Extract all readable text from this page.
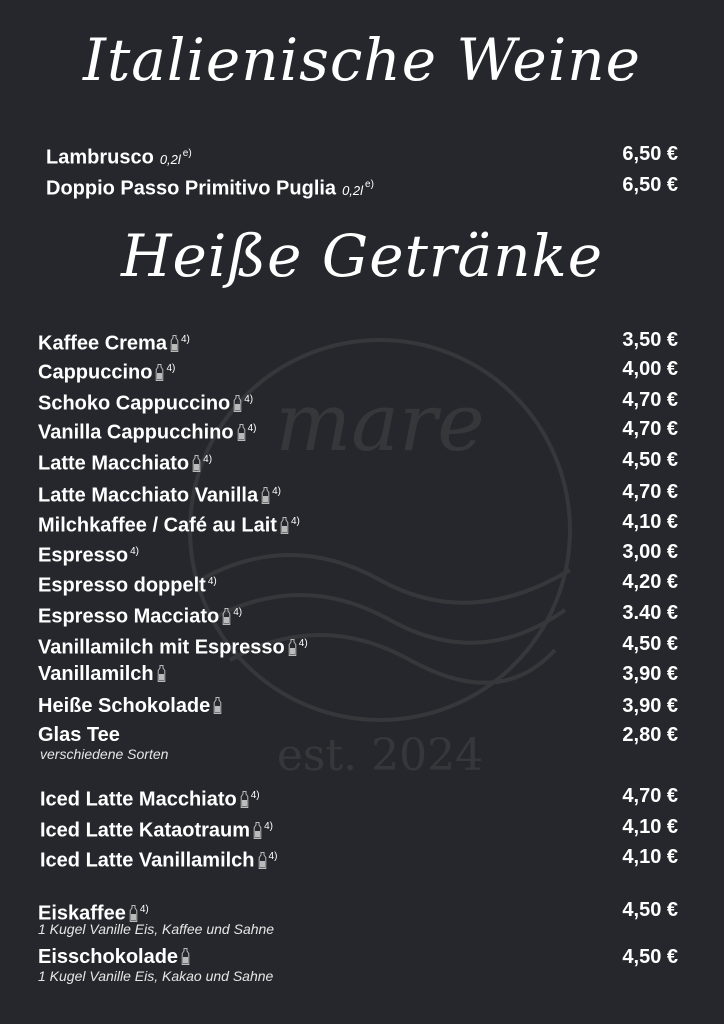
mare
est. 2024
Italienische Weine
Lambrusco 0,2l $^{e)}$	6,50 €
Doppio Passo Primitivo Puglia 0,2l $^{e)}$	6,50 €
Heiße Getränke
Kaffee Crema $^{4)}$	3,50 €
Cappuccino $^{4)}$	4,00 €
Schoko Cappuccino $^{4)}$	4,70 €
Vanilla Cappucchino $^{4)}$	4,70 €
Latte Macchiato $^{4)}$	4,50 €
Latte Macchiato Vanilla $^{4)}$	4,70 €
Milchkaffee / Café au Lait $^{4)}$	4,10 €
Espresso $^{4)}$	3,00 €
Espresso doppelt $^{4)}$	4,20 €
Espresso Macciato $^{4)}$	3.40 €
Vanillamilch mit Espresso $^{4)}$	4,50 €
Vanillamilch	3,90 €
Heiße Schokolade	3,90 €
Glas Tee	2,80 €
verschiedene Sorten
Iced Latte Macchiato $^{4)}$	4,70 €
Iced Latte Kataotraum $^{4)}$	4,10 €
Iced Latte Vanillamilch $^{4)}$	4,10 €
Eiskaffee $^{4)}$	4,50 €
1 Kugel Vanille Eis, Kaffee und Sahne
Eisschokolade	4,50 €
1 Kugel Vanille Eis, Kakao und Sahne
